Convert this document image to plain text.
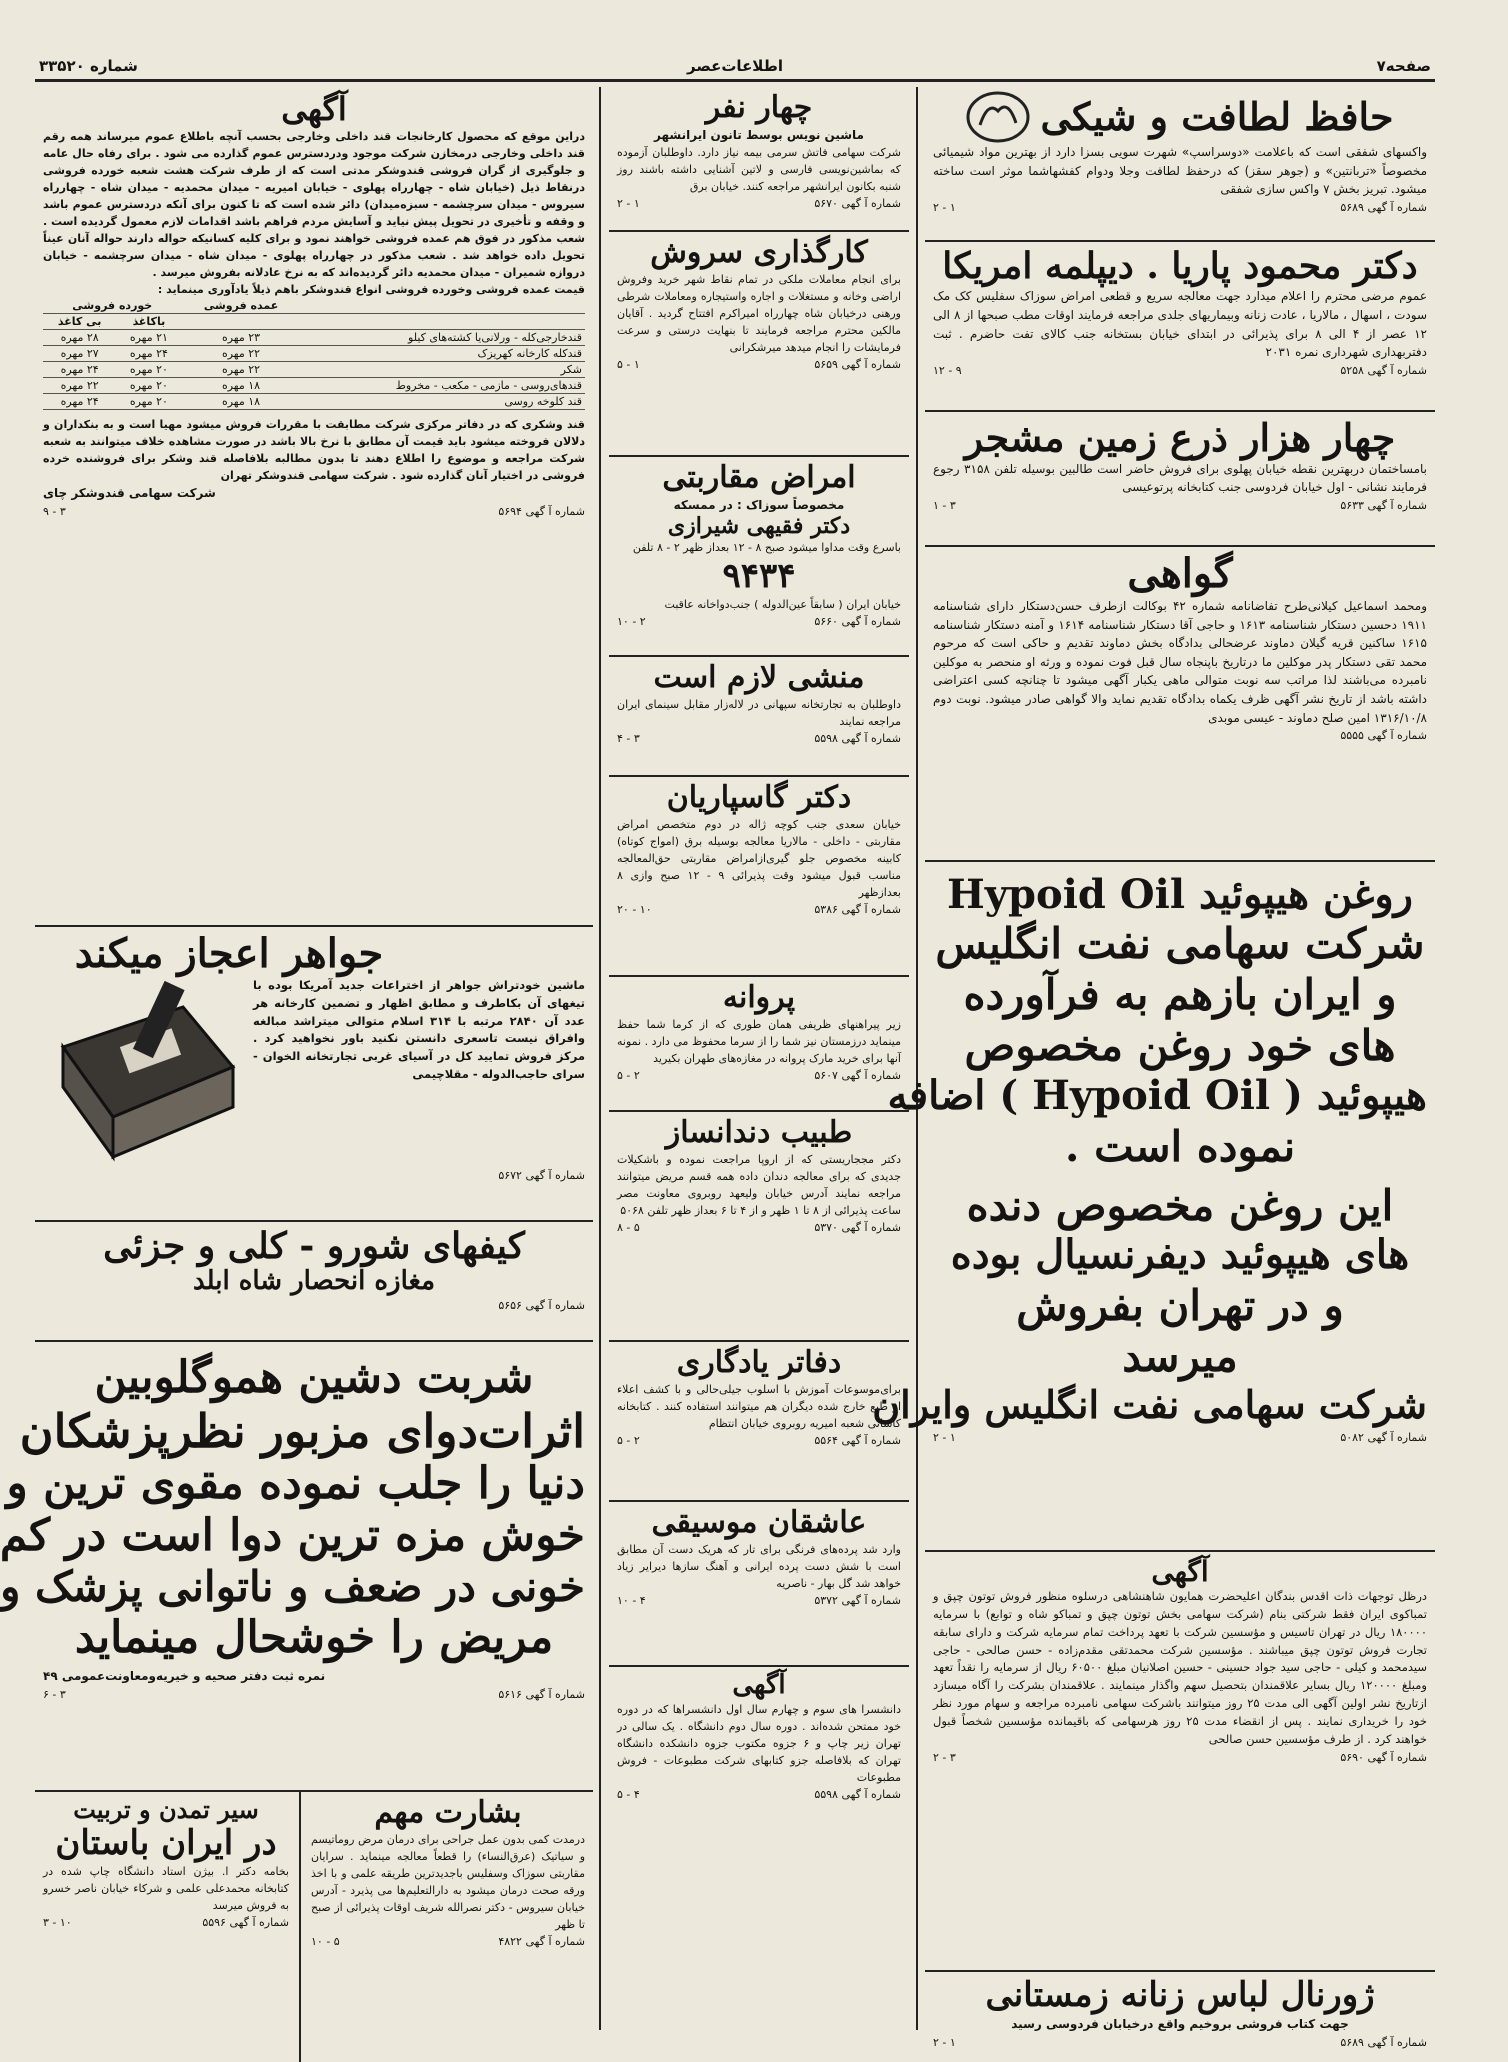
صفحه۷
اطلاعات‌عصر
شماره ۳۳۵۲۰
حافظ لطافت و شیکی
واکسهای شفقی است که باعلامت «دوسراسپ» شهرت سویی بسزا دارد از بهترین مواد شیمیائی مخصوصاً «تربانتین» و (جوهر سقز) که درحفظ لطافت وجلا ودوام کفشهاشما موثر است ساخته میشود. تبریز بخش ۷ واکس سازی شفقی
شماره آ گهی ۵۶۸۹
۱ - ۲
دکتر محمود پاریا . دیپلمه امریکا
عموم مرضی محترم را اعلام میدارد جهت معالجه سریع و قطعی امراض سوزاک سفلیس کک مک سودت ، اسهال ، مالاریا ، عادت زنانه وبیماریهای جلدی مراجعه فرمایند اوقات مطب صبحها از ۸ الی ۱۲ عصر از ۴ الی ۸ برای پذیرائی در ابتدای خیابان بستخانه جنب کالای تفت حاضرم . ثبت دفتربهداری شهرداری نمره ۲۰۳۱
شماره آ گهی ۵۲۵۸
۹ - ۱۲
چهار هزار ذرع زمین مشجر
بامساختمان دربهترین نقطه خیابان پهلوی برای فروش حاضر است طالبین بوسیله تلفن ۳۱۵۸ رجوع فرمایند نشانی - اول خیابان فردوسی جنب کتابخانه پرتوعیسی
شماره آ گهی ۵۶۳۳
۳ - ۱
گواهی
ومحمد اسماعیل کیلانی‌طرح تفاضانامه شماره ۴۲ بوکالت ازطرف حسن‌دستکار دارای شناسنامه ۱۹۱۱ دحسین دستکار شناسنامه ۱۶۱۳ و حاجی آقا دستکار شناسنامه ۱۶۱۴ و آمنه دستکار شناسنامه ۱۶۱۵ ساکنین قریه گیلان دماوند عرضحالی بدادگاه بخش دماوند تقدیم و حاکی است که مرحوم محمد تقی دستکار پدر موکلین ما درتاریخ باپنجاه سال قبل فوت نموده و ورثه او منحصر به موکلین نامبرده می‌باشند لذا مراتب سه نوبت متوالی ماهی یکبار آگهی میشود تا چنانچه کسی اعتراضی داشته باشد از تاریخ نشر آگهی ظرف یکماه بدادگاه تقدیم نماید والا گواهی صادر میشود. نوبت دوم ۱۳۱۶/۱۰/۸ امین صلح دماوند - عیسی موبدی
شماره آ گهی ۵۵۵۵
روغن هیپوئید Hypoid Oil
شرکت سهامی نفت انگلیس
و ایران بازهم به فرآورده
های خود روغن مخصوص
هیپوئید ( Hypoid Oil ) اضافه
نموده است .
این روغن مخصوص دنده
های هیپوئید دیفرنسیال بوده
و در تهران بفروش
میرسد
شرکت سهامی نفت انگلیس وایران
شماره آ گهی ۵۰۸۲
۱ - ۲
آگهی
درظل توجهات ذات اقدس بندگان اعلیحضرت همایون شاهنشاهی درسلوه منظور فروش توتون چپق و تمباکوی ایران فقط شرکتی بنام (شرکت سهامی بخش توتون چپق و تمباکو شاه و توابع) با سرمایه ۱۸۰۰۰۰ ریال در تهران تاسیس و مؤسسین شرکت با تعهد پرداخت تمام سرمایه شرکت و دارای سابقه تجارت فروش توتون چپق میباشند . مؤسسین شرکت محمدتقی مقدم‌زاده - حسن صالحی - حاجی سیدمحمد و کیلی - حاجی سید جواد حسینی - حسین اصلانیان مبلغ ۶۰۵۰۰ ریال از سرمایه را نقداً تعهد ومبلغ ۱۲۰۰۰۰ ریال بسایر علاقمندان بتحصیل سهم واگذار مینمایند . علاقمندان بشرکت را آگاه میسازد ازتاریخ نشر اولین آگهی الی مدت ۲۵ روز میتوانند باشرکت سهامی نامبرده مراجعه و سهام مورد نظر خود را خریداری نمایند . پس از انقضاء مدت ۲۵ روز هرسهامی که باقیمانده مؤسسین شخصاً قبول خواهند کرد . از طرف مؤسسین حسن صالحی
شماره آ گهی ۵۶۹۰
۳ - ۲
ژورنال لباس زنانه زمستانی
جهت کتاب فروشی بروخیم واقع درخیابان فردوسی رسید
شماره آ گهی ۵۶۸۹
۱ - ۲
چهار نفر
ماشین نویس بوسط تانون ایرانشهر
شرکت سهامی فاتش سرمی بیمه نیاز دارد. داوطلبان آزموده که بماشین‌نویسی فارسی و لاتین آشنایی داشته باشند روز شنبه بکانون ایرانشهر مراجعه کنند. خیابان برق
شماره آ گهی ۵۶۷۰
۱ - ۲
کارگذاری سروش
برای انجام معاملات ملکی در تمام نقاط شهر خرید وفروش اراضی وخانه و مستغلات و اجاره واستیجاره ومعاملات شرطی ورهنی درخیابان شاه چهارراه امیراکرم افتتاح گردید . آقایان مالکین محترم مراجعه فرمایند تا بنهایت درستی و سرعت فرمایشات را انجام میدهد میرشکرانی
شماره آ گهی ۵۶۵۹
۱ - ۵
امراض مقاربتی
مخصوصاً سوزاک : در ممسکه
دکتر فقیهی شیرازی
باسرع وقت مداوا میشود صبح ۸ - ۱۲ بعداز ظهر ۲ - ۸ تلفن
۹۴۳۴
خیابان ایران ( سابقاً عین‌الدوله ) جنب‌دواخانه عاقبت
شماره آ گهی ۵۶۶۰
۲ - ۱۰
منشی لازم است
داوطلبان به تجارتخانه سپهانی در لاله‌زار مقابل سینمای ایران مراجعه نمایند
شماره آ گهی ۵۵۹۸
۳ - ۴
دکتر گاسپاریان
خیابان سعدی جنب کوچه ژاله در دوم متخصص امراض مقاربتی - داخلی - مالاریا معالجه بوسیله برق (امواج کوتاه) کابینه مخصوص جلو گیری‌ازامراض مقاربتی حق‌المعالجه مناسب قبول میشود وقت پذیرائی ۹ - ۱۲ صبح وازی ۸ بعداز‌ظهر
شماره آ گهی ۵۳۸۶
۱۰ - ۲۰
پروانه
زیر پیراهنهای ظریفی همان طوری که از کرما شما حفظ مینماید درزمستان نیز شما را از سرما محفوظ می دارد . نمونه آنها برای خرید مارک پروانه در مغازه‌های طهران بکیرید
شماره آ گهی ۵۶۰۷
۲ - ۵
طبیب دندانساز
دکتر مججاریستی که از اروپا مراجعت نموده و باشکیلات جدیدی که برای معالجه دندان داده همه قسم مریض میتوانند مراجعه نمایند آدرس خیابان ولیعهد روبروی معاونت مصر ساعت پذیرائی از ۸ تا ۱ ظهر و از ۴ تا ۶ بعداز ظهر تلفن ۵۰۶۸
شماره آ گهی ۵۳۷۰
۵ - ۸
دفاتر یادگاری
برای‌موسوعات آموزش با اسلوب جیلی‌حالی و با کشف اعلاء از طبع خارج شده دیگران هم میتوانند استفاده کنند . کتابخانه کاشانی شعبه امیریه روبروی خیابان انتظام
شماره آ گهی ۵۵۶۴
۲ - ۵
عاشقان موسیقی
وارد شد پرده‌های فرنگی برای تار که هریک دست آن مطابق است با شش دست پرده ایرانی و آهنگ سازها دیرایر زیاد خواهد شد گل بهار - ناصریه
شماره آ گهی ۵۳۷۲
۴ - ۱۰
آگهی
دانشسرا های سوم و چهارم سال اول دانشسراها که در دوره خود ممتحن شده‌اند . دوره سال دوم دانشگاه . یک سالی در تهران زیر چاپ و ۶ جزوه مکتوب جزوه دانشکده دانشگاه تهران که بلافاصله جزو کتابهای شرکت مطبوعات - فروش مطبوعات
شماره آ گهی ۵۵۹۸
۴ - ۵
آگهی
دراین موقع که محصول کارخانجات قند داخلی وخارجی بحسب آنچه باطلاع عموم میرساند همه رقم قند داخلی وخارجی درمخازن شرکت موجود ودردسترس عموم گذارده می شود . برای رفاه حال عامه و جلوگیری از گران فروشی قندوشکر مدتی است که از طرف شرکت هشت شعبه خورده فروشی درنقاط ذیل (خیابان شاه - چهارراه پهلوی - خیابان امیریه - میدان محمدیه - میدان شاه - چهارراه سیروس - میدان سرچشمه - سبزه‌میدان) دائر شده است که تا کنون برای آنکه دردسترس عموم باشد و وقفه و تأخیری در تحویل پیش نیاید و آسایش مردم فراهم باشد اقدامات لازم معمول گردیده است .
شعب مذکور در فوق هم عمده فروشی خواهند نمود و برای کلیه کسانیکه حواله دارند حواله آنان عیناً تحویل داده خواهد شد . شعب مذکور در چهارراه پهلوی - میدان شاه - میدان سرچشمه - خیابان دروازه شمیران - میدان محمدیه دائر گردیده‌اند که به نرخ عادلانه بفروش میرسد .
قیمت عمده فروشی وخورده فروشی انواع قندوشکر باهم ذیلاً یادآوری مینماید :
	عمده فروشی	خورده فروشی	
		باکاغذ	بی کاغذ
قندخارجی‌کله - ورلانی‌یا کشته‌های کیلو	۲۳ مهره	۲۱ مهره	۲۸ مهره
قندکله کارخانه کهریزک	۲۲ مهره	۲۴ مهره	۲۷ مهره
شکر	۲۲ مهره	۲۰ مهره	۲۴ مهره
قندهای‌روسی - مازمی - مکعب - مخروط	۱۸ مهره	۲۰ مهره	۲۲ مهره
قند کلوخه روسی	۱۸ مهره	۲۰ مهره	۲۴ مهره
قند وشکری که در دفاتر مرکزی شرکت مطابقت با مقررات فروش میشود مهیا است و به بنکداران و دلالان فروخته میشود باید قیمت آن مطابق با نرخ بالا باشد در صورت مشاهده خلاف میتوانند به شعبه شرکت مراجعه و موضوع را اطلاع دهند تا بدون مطالبه بلافاصله قند وشکر برای فروشنده خرده فروشی در اختیار آنان گذارده شود . شرکت سهامی قندوشکر تهران
شرکت سهامی قندوشکر چای
شماره آ گهی ۵۶۹۴
۳ - ۹
جواهر اعجاز میکند
ماشین خودتراش جواهر از اختراعات جدید آمریکا بوده با تیغهای آن بکاطرف و مطابق اظهار و تضمین کارخانه هر عدد آن ۲۸۴۰ مرتبه با ۳۱۴ اسلام متوالی میتراشد مبالغه وافراق نیست تاسعری دانستن نکنید باور نخواهید کرد . مرکز فروش تمایید کل در آسیای غربی تجارتخانه الخوان - سرای حاجب‌الدوله - مقلاچیمی
شماره آ گهی ۵۶۷۲
کیفهای شورو - کلی و جزئی
مغازه انحصار شاه ابلد
شماره آ گهی ۵۶۵۶
شربت دشین هموگلوبین
اثرات‌دوای مزبور نظرپزشکان
دنیا را جلب نموده مقوی ترین و
خوش مزه ترین دوا است در کم
خونی در ضعف و ناتوانی پزشک و
مریض را خوشحال مینماید
نمره ثبت دفتر صحیه و خیریه‌ومعاونت‌عمومی ۴۹
شماره آ گهی ۵۶۱۶
۳ - ۶
بشارت مهم
درمدت کمی بدون عمل جراحی برای درمان مرض روماتیسم و سیاتیک (عرق‌النساء) را قطعاً معالجه مینماید . سرایان مقاربتی سوزاک وسفلیس باجدیدترین طریقه علمی و با اخذ ورقه صحت درمان میشود به دارالتعلیم‌ها می پذیرد - آدرس خیابان سیروس - دکتر نصرالله شریف اوقات پذیرائی از صبح تا ظهر
شماره آ گهی ۴۸۲۲
۵ - ۱۰
سیر تمدن و تربیت
در ایران باستان
بخامه دکتر ا. بیژن استاد دانشگاه چاپ شده در کتابخانه محمدعلی علمی و شرکاء خیابان ناصر خسرو به فروش میرسد
شماره آ گهی ۵۵۹۶
۱۰ - ۳
